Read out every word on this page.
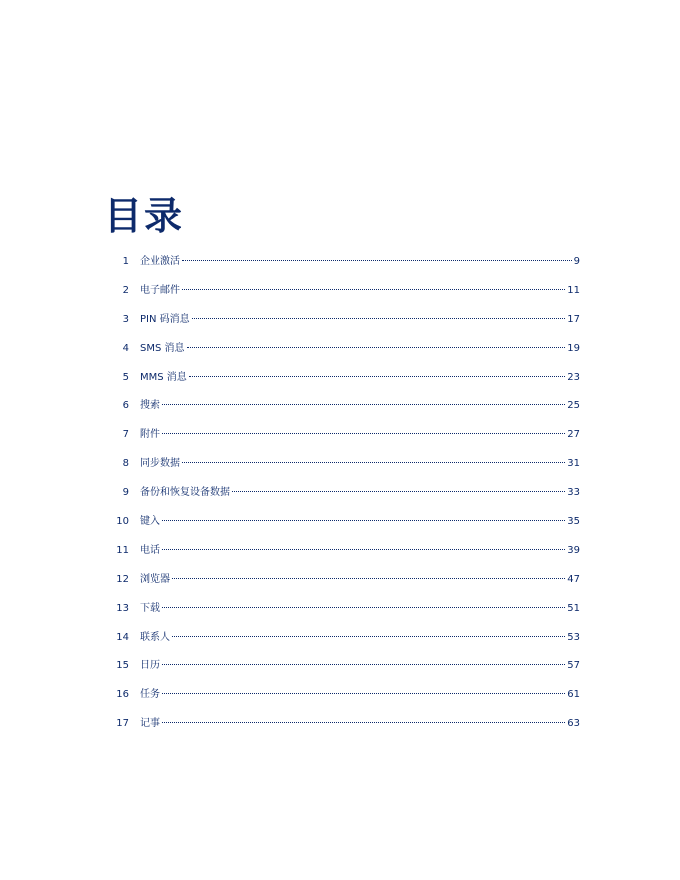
目录
1 企业激活	9
2 电子邮件	11
3 PIN 码消息	17
4 SMS 消息	19
5 MMS 消息	23
6 搜索	25
7 附件	27
8 同步数据	31
9 备份和恢复设备数据	33
10 键入	35
11 电话	39
12 浏览器	47
13 下载	51
14 联系人	53
15 日历	57
16 任务	61
17 记事	63
